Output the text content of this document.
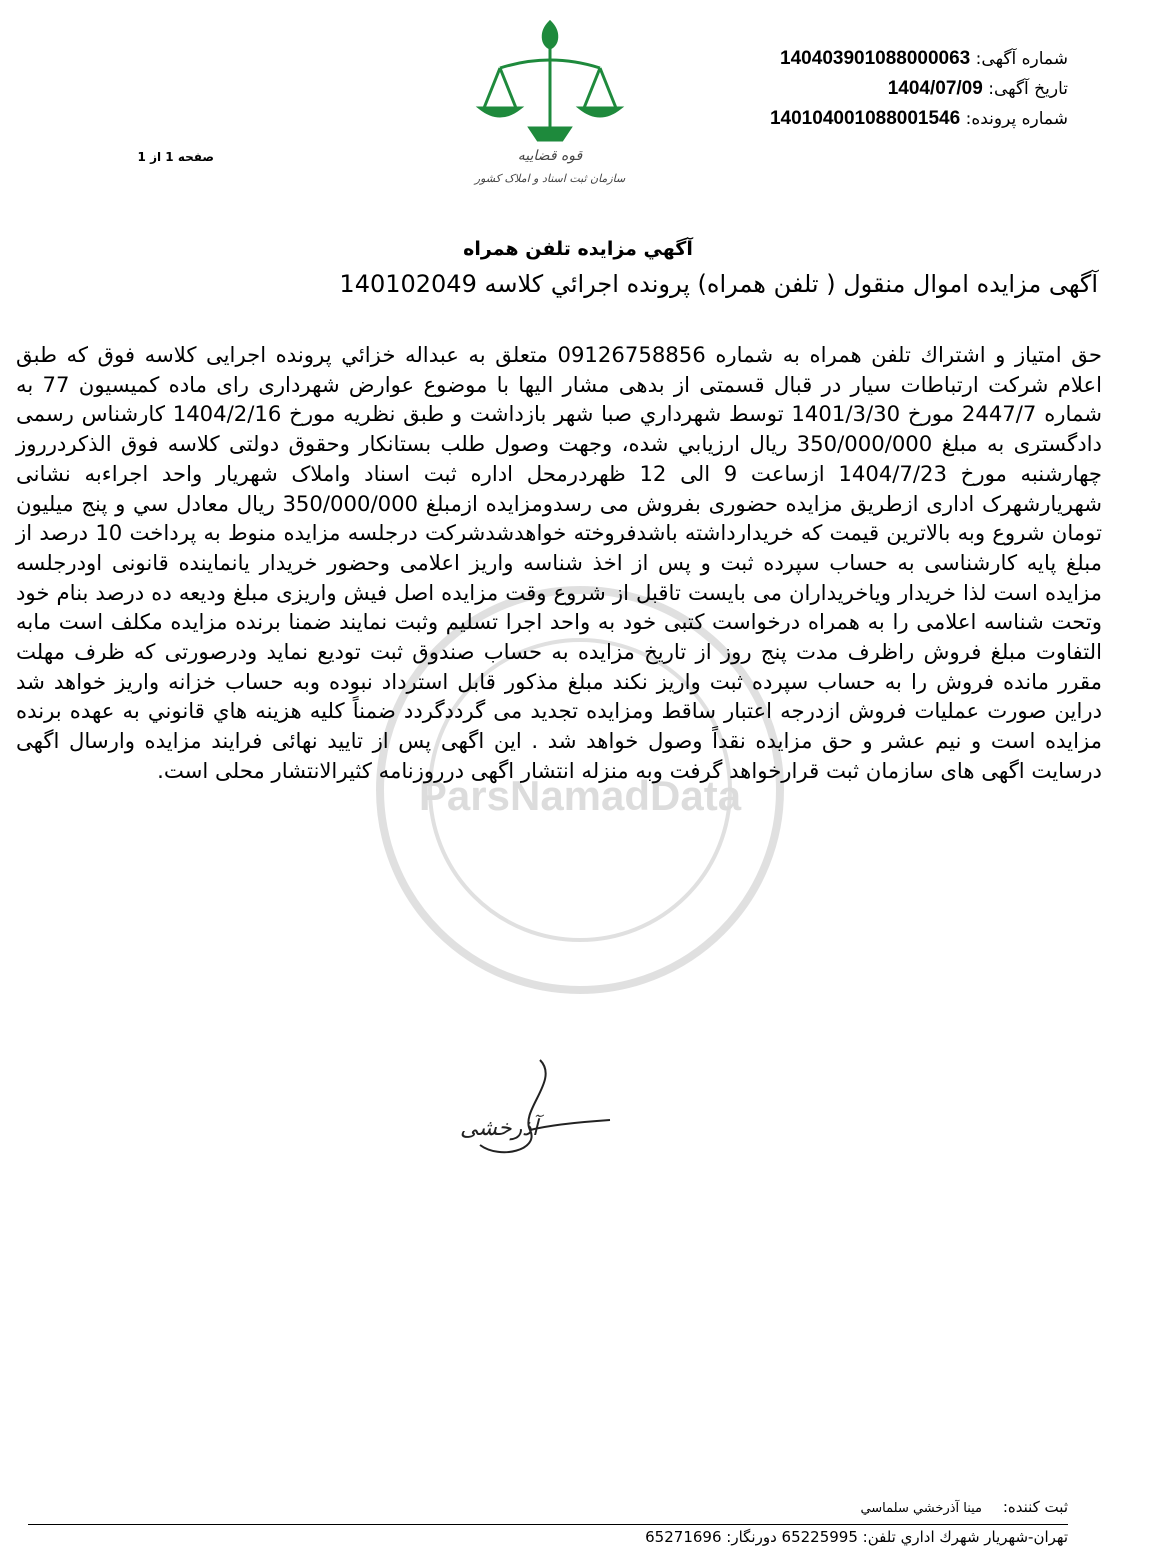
شماره آگهی: 140403901088000063
تاریخ آگهی: 1404/07/09
شماره پرونده: 140104001088001546
صفحه 1 از 1	قوه قضاییه
سازمان ثبت اسناد و املاک کشور
ParsNamadData
آگهي مزايده تلفن همراه
آگهی مزایده اموال منقول ( تلفن همراه) پرونده اجرائي كلاسه 140102049
حق امتياز و اشتراك تلفن همراه به شماره 09126758856 متعلق به عبداله خزائي پرونده اجرایی کلاسه فوق که طبق اعلام شركت ارتباطات سيار در قبال قسمتی از بدهی مشار اليها با موضوع عوارض شهرداری رای ماده كميسيون 77 به شماره 2447/7 مورخ 1401/3/30 توسط شهرداري صبا شهر بازداشت و طبق نظريه مورخ 1404/2/16 كارشناس رسمی دادگستری به مبلغ 350/000/000 ريال ارزيابي شده، وجهت وصول طلب بستانكار وحقوق دولتی كلاسه فوق الذكردرروز چهارشنبه مورخ 1404/7/23 ازساعت 9 الی 12 ظهردرمحل اداره ثبت اسناد واملاک شهريار واحد اجراءبه نشانی شهريارشهرک اداری ازطريق مزايده حضوری بفروش می رسدومزايده ازمبلغ 350/000/000 ريال معادل سي و پنج ميليون تومان شروع وبه بالاترين قيمت كه خريدارداشته باشدفروخته خواهدشدشركت درجلسه مزايده منوط به پرداخت 10 درصد از مبلغ پايه كارشناسی به حساب سپرده ثبت و پس از اخذ شناسه واريز اعلامی وحضور خريدار يانماينده قانونی اودرجلسه مزايده است لذا خريدار وياخريداران می بايست تاقبل از شروع وقت مزايده اصل فيش واريزی مبلغ وديعه ده درصد بنام خود وتحت شناسه اعلامی را به همراه درخواست كتبی خود به واحد اجرا تسليم وثبت نمايند ضمنا برنده مزايده مكلف است مابه التفاوت مبلغ فروش راظرف مدت پنج روز از تاريخ مزايده به حساب صندوق ثبت توديع نمايد ودرصورتی كه ظرف مهلت مقرر مانده فروش را به حساب سپرده ثبت واريز نكند مبلغ مذكور قابل استرداد نبوده وبه حساب خزانه واريز خواهد شد دراين صورت عمليات فروش ازدرجه اعتبار ساقط ومزايده تجديد می گرددگردد ضمناً كليه هزينه هاي قانوني به عهده برنده مزايده است و نيم عشر و حق مزايده نقداً وصول خواهد شد . اين اگهی پس از تاييد نهائی فرايند مزايده وارسال اگهی درسايت اگهی های سازمان ثبت قرارخواهد گرفت وبه منزله انتشار اگهی درروزنامه كثيرالانتشار محلی است.
آذرخشی
ثبت كننده: مينا آذرخشي سلماسي
تهران-شهريار شهرك اداري تلفن: 65225995 دورنگار: 65271696
